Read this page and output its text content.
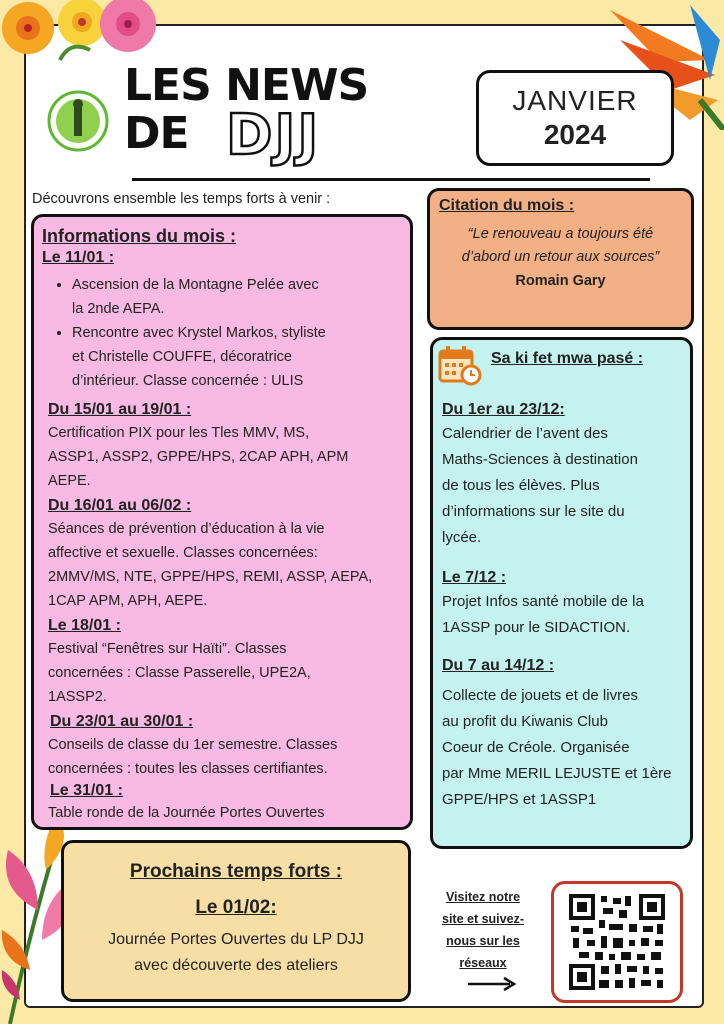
LES NEWS
DE DJJ
JANVIER
2024
Découvrons ensemble les temps forts à venir :
Informations du mois :
Le 11/01 :
• Ascension de la Montagne Pelée avec
la 2nde AEPA.
• Rencontre avec Krystel Markos, styliste
et Christelle COUFFE, décoratrice
d’intérieur. Classe concernée : ULIS
Du 15/01 au 19/01 :
Certification PIX pour les Tles MMV, MS,
ASSP1, ASSP2, GPPE/HPS, 2CAP APH, APM
AEPE.
Du 16/01 au 06/02 :
Séances de prévention d’éducation à la vie
affective et sexuelle. Classes concernées:
2MMV/MS, NTE, GPPE/HPS, REMI, ASSP, AEPA,
1CAP APM, APH, AEPE.
Le 18/01 :
Festival “Fenêtres sur Haïti”. Classes
concernées : Classe Passerelle, UPE2A,
1ASSP2.
Du 23/01 au 30/01 :
Conseils de classe du 1er semestre. Classes
concernées : toutes les classes certifiantes.
Le 31/01 :
Table ronde de la Journée Portes Ouvertes
Citation du mois :
“Le renouveau a toujours été
d’abord un retour aux sources”
Romain Gary
Sa ki fet mwa pasé :
Du 1er au 23/12:
Calendrier de l’avent des
Maths-Sciences à destination
de tous les élèves. Plus
d’informations sur le site du
lycée.
Le 7/12 :
Projet Infos santé mobile de la
1ASSP pour le SIDACTION.
Du 7 au 14/12 :
Collecte de jouets et de livres
au profit du Kiwanis Club
Coeur de Créole. Organisée
par Mme MERIL LEJUSTE et 1ère
GPPE/HPS et 1ASSP1
Prochains temps forts :
Le 01/02:
Journée Portes Ouvertes du LP DJJ
avec découverte des ateliers
Visitez notre
site et suivez-
nous sur les
réseaux
